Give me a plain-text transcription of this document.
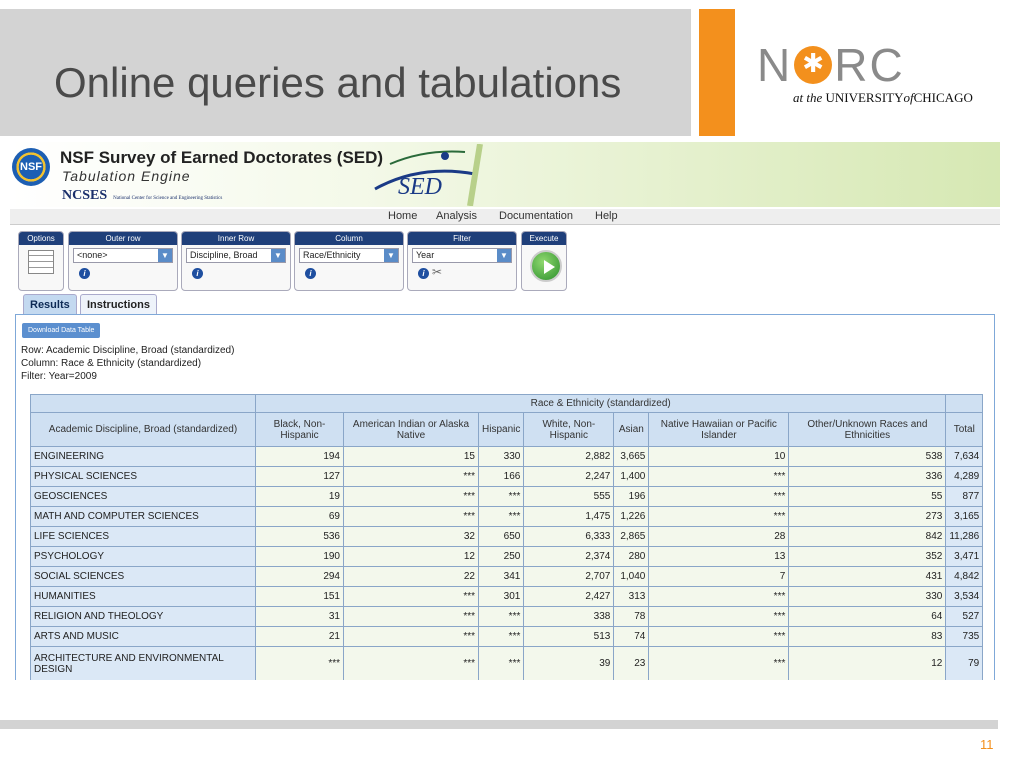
Online queries and tabulations	N ✱ RC
at the UNIVERSITYofCHICAGO
NSF	NSF Survey of Earned Doctorates (SED)
Tabulation Engine
NCSES National Center for Science and Engineering Statistics	SED
Home Analysis Documentation Help
Options	Outer row
<none>	▼
i
Inner Row
Discipline, Broad	▼
i
Column
Race/Ethnicity	▼
i
Filter
Year	▼
i ✂
Execute
Results	Instructions
Download Data Table
Row: Academic Discipline, Broad (standardized)
Column: Race & Ethnicity (standardized)
Filter: Year=2009
	Race & Ethnicity (standardized)							
Academic Discipline, Broad (standardized)	Black, Non-Hispanic	American Indian or Alaska Native	Hispanic	White, Non-Hispanic	Asian	Native Hawaiian or Pacific Islander	Other/Unknown Races and Ethnicities	Total
ENGINEERING	194	15	330	2,882	3,665	10	538	7,634
PHYSICAL SCIENCES	127	***	166	2,247	1,400	***	336	4,289
GEOSCIENCES	19	***	***	555	196	***	55	877
MATH AND COMPUTER SCIENCES	69	***	***	1,475	1,226	***	273	3,165
LIFE SCIENCES	536	32	650	6,333	2,865	28	842	11,286
PSYCHOLOGY	190	12	250	2,374	280	13	352	3,471
SOCIAL SCIENCES	294	22	341	2,707	1,040	7	431	4,842
HUMANITIES	151	***	301	2,427	313	***	330	3,534
RELIGION AND THEOLOGY	31	***	***	338	78	***	64	527
ARTS AND MUSIC	21	***	***	513	74	***	83	735
ARCHITECTURE AND ENVIRONMENTAL DESIGN	***	***	***	39	23	***	12	79
11
